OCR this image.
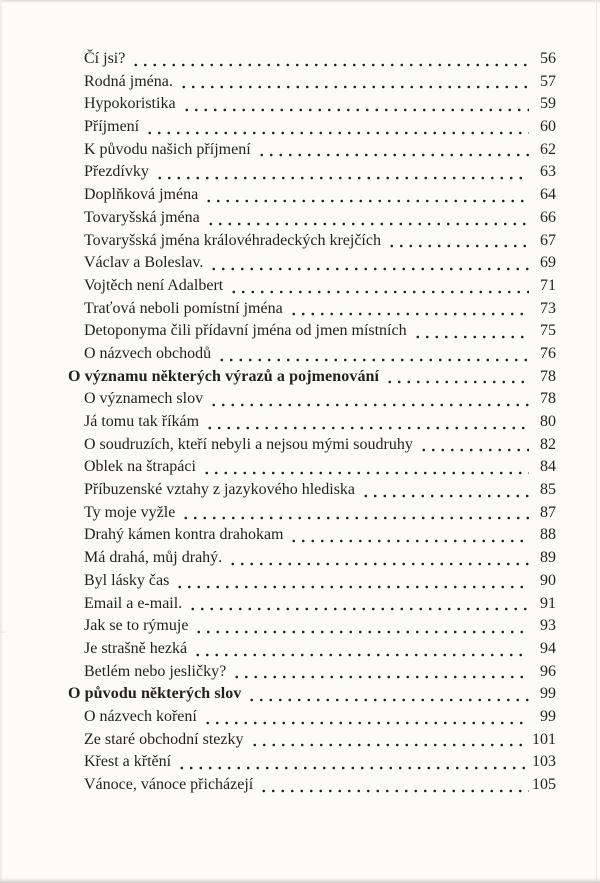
Čí jsi?	56
Rodná jména.	57
Hypokoristika	59
Příjmení	60
K původu našich příjmení	62
Přezdívky	63
Doplňková jména	64
Tovaryšská jména	66
Tovaryšská jména královéhradeckých krejčích	67
Václav a Boleslav.	69
Vojtěch není Adalbert	71
Traťová neboli pomístní jména	73
Detoponyma čili přídavní jména od jmen místních	75
O názvech obchodů	76
O významu některých výrazů a pojmenování	78
O významech slov	78
Já tomu tak říkám	80
O soudruzích, kteří nebyli a nejsou mými soudruhy	82
Oblek na štrapáci	84
Příbuzenské vztahy z jazykového hlediska	85
Ty moje vyžle	87
Drahý kámen kontra drahokam	88
Má drahá, můj drahý.	89
Byl lásky čas	90
Email a e-mail.	91
Jak se to rýmuje	93
Je strašně hezká	94
Betlém nebo jesličky?	96
O původu některých slov	99
O názvech koření	99
Ze staré obchodní stezky	101
Křest a křtění	103
Vánoce, vánoce přicházejí	105
